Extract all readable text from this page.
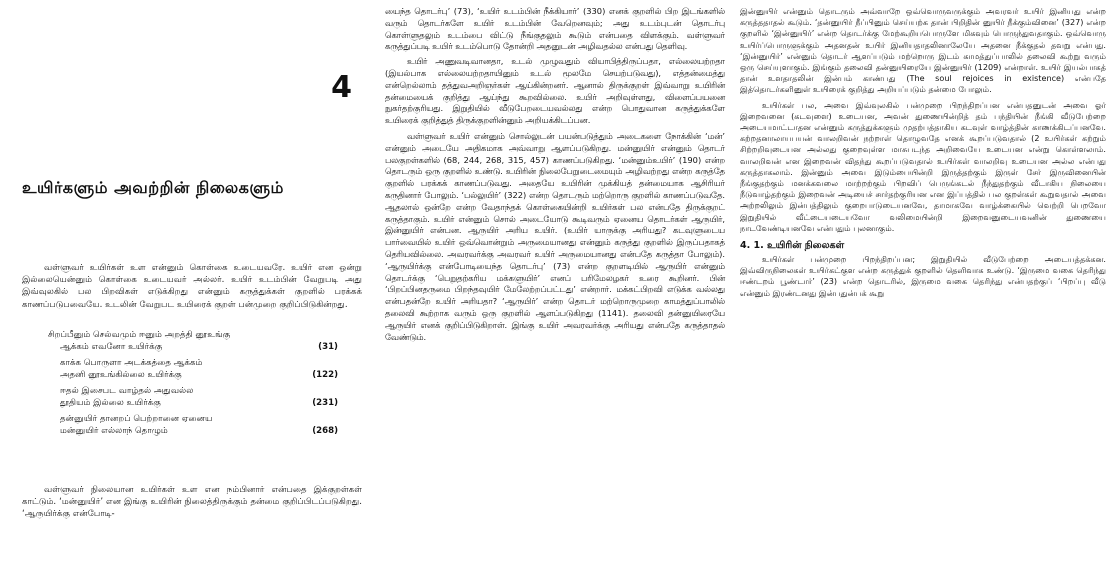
4
உயிர்களும் அவற்றின் நிலைகளும்

வள்ளுவர் உயிர்கள் உள என்னும் கொள்கை உடையவரே. உயிர் என ஒன்று இல்லையென்னும் கொள்கை உடையவர் அல்லர். உயிர் உடம்பின் வேறுபடி அது இவ்வுலகில் பல பிறவிகள் எடுக்கிறது என்னும் கருத்துக்கள் குறளில் பரக்கக் காணப்படுபவையே. உடலின் வேறுபட உயிரைக் குறள் பன்முறை குறிப்பிடுகின்றது.

சிறப்பீனும் செல்வமும் ஈனும் அறத்தி னூஉங்கு
ஆக்கம் எவனோ உயிர்க்கு	(31)
காக்க பொருளா அடக்கத்தை ஆக்கம்
அதனி னூஉங்கில்லை உயிர்க்கு	(122)
ஈதல் இசைபட வாழ்தல் அதுவல்ல
தூதியம் இல்லை உயிர்க்கு	(231)
தன்னுயிர் தானறப் பெற்றானை ஏனைய
மன்னுயிர் எல்லாந் தொழும்	(268)

வள்ளுவர் நிலையான உயிர்கள் உள என நம்பினார் என்பதை இக்குறள்கள் காட்டும். ‘மன்னுயிர்’ என இங்கு உயிரின் நிலைத்திருக்கும் தன்மை குறிப்பிடப்படுகிறது. ‘ஆருயிர்க்கு என்போடி-

யைந்த தொடர்பு’ (73), ‘உயிர் உடம்பின் நீக்கியார்’ (330) எனக் குறளில் பிற இடங்களில் வரும் தொடர்களே உயிர் உடம்பின் வேறெனவும்; அது உடம்புடன் தொடர்பு கொள்ளுதலும் உடம்பை விட்டு நீங்குதலும் கூடும் என்பதை விளக்கும். வள்ளுவர் கருத்துப்படி உயிர் உடம்பொடு தோன்றி அதனுடன் அழிவதல்ல என்பது தெளிவு.

உயிர் அணுவடிவானதா, உடல் முழுவதும் வியாபித்திருப்பதா, எல்லையற்றதா (இயல்பாக எல்லையற்றதாயினும் உடல் மூலமே செயற்படுவது), எத்தன்மைத்து என்றெல்லாம் தத்துவஅறிஞர்கள் ஆய்கின்றனர். ஆனால் திருக்குறள் இவ்வாறு உயிரின் தன்மையைக் குறித்து ஆய்ந்து கூறவில்லை. உயிர் அறிவுள்ளது, விளைப்பயனை நுகர்தற்குரியது. இறுதியில் வீடுபேறடையவல்லது என்ற பொதுவான கருத்துக்களே உயிரைக் குறித்துத் திருக்குறளின்னும் அறியக்கிடப்பன.

வள்ளுவர் உயிர் என்னும் சொல்லுடன் பயன்படுத்தும் அடைகளை நோக்கின் ‘மன்’ என்னும் அடையே அதிகமாக அவ்வாறு ஆளப்படுகிறது. மன்னுயிர் என்னும் தொடர் பலகுறள்களில் (68, 244, 268, 315, 457) காணப்படுகிறது. ‘மன்னும்உயிர்’ (190) என்ற தொடரும் ஒரு குறளில் உண்டு. உயிரின் நிலைபேறுடைமையும் அழிவற்றது என்ற கருத்தே குறளில் பரக்கக் காணப்படுவது. அதையே உயிரின் முக்கியத் தன்மையாக ஆசிரியர் கருதினார் போலும். ‘பல்லுயிர்’ (322) என்ற தொடரும் மற்றொரு குறளில் காணப்படுவதே. ஆதலால் ஒன்றே என்ற வேதாந்தக் கொள்கையின்றி உயிர்கள் பல என்பதே திருக்குறட் கருத்தாகும். உயிர் என்னும் சொல் அடையோடு கூடிவரும் ஏனைய தொடர்கள் ஆருயிர், இன்னுயிர் என்பன. ஆருயிர் அரிய உயிர். (உயிர் யாருக்கு அரியது? கடவுளுடைய பார்வையில் உயிர் ஒவ்வொன்றும் அருமையானது என்னும் கருத்து குறளில் இருப்பதாகத் தெரியவில்லை. அவரவர்க்கு அவரவர் உயிர் அருமையானது என்பதே கருத்தா போலும்). ‘ஆருயிர்க்கு என்போடியைந்த தொடர்பு’ (73) என்ற குறளடியில் ஆருயிர் என்னும் தொடர்க்கு ‘பெறுதற்கரிய மக்களுயிர்’ எனப் பரிமேலழகர் உரை கூறினர். பின் ‘பிறப்பினதருமை பிறந்தவுயிர் மேலேற்றப்பட்டது’ என்றார். மக்கட்பிறவி எடுக்க வல்லது என்பதன்றே உயிர் அரியதா? ‘ஆருயிர்’ என்ற தொடர் மற்றொருமுறை காமத்துப்பாலில் தலைவி கூற்றாக வரும் ஒரு குறளில் ஆளப்படுகிறது (1141). தலைவி தன்னுயிரையே ஆருயிர் எனக் குறிப்பிடுகிறாள். இங்கு உயிர் அவரவர்க்கு அரியது என்பதே கருத்தாதல் வேண்டும்.

இன்னுயிர் என்னும் தொடரும் அவ்வாறே ஒவ்வொருவருக்கும் அவரவர் உயிர் இனியது என்ற கருத்ததாதல் கூடும். ‘தன்னுயிர் நீப்பினும் செய்யற்க தான் பிறிதின் னுயிர் நீக்கும்வினை’ (327) என்ற குறளில் ‘இன்னுயிர்’ என்ற தொடர்க்கு மேற்கூறியபொருளே மிகவும் பொருந்துவதாகும். ஒவ்வொரு உயிர்ப்பொருளுக்கும் அதனதன் உயிர் இனியதாதலினாலேயே அதனை நீக்குதல் தவறு என்பது. ‘இன்னுயிர்’ என்னும் தொடர் ஆளப்படும் மற்றொரு இடம் காமத்துப்பாலில் தலைவி கூற்று வரும் ஒரு செய்யுளாகும். இங்கும் தலைவி தன்னுயிரையே இன்னுயிர் (1209) என்றாள். உயிர் இயல்பாகத் தான் உளதாதலின் இன்பம் காண்பது (The soul rejoices in existence) என்பதே இத்தொடர்களினுள் உயிரைக் குறித்து அறியப்படும் தன்மை போலும்.

உயிர்கள் பல, அவை இவ்வுலகில் பன்முறை பிறந்திறப்பன என்பதனுடன் அவை ஓர் இறைவனை (கடவுளை) உடையன, அவன் துணையின்றித் தம் பந்தியின் நீங்கி வீடுபேற்றை அடையமாட்டாதன என்னும் கருத்துக்களும் முதற்பத்தாகிய கடவுள் வாழ்த்தின் காணக்கிடப்பனவே. கற்றதனாலாயபயன் வாலறிவன் நற்றாள் தொழுவதே எனக் கூறப்படுவதால் (2 உயிர்கள் கற்றும் சிற்றறிவுடையன அல்லது குறைவுள்ள மாசுபடந்த அறிவையே உடையன என்று கொள்ளலாம். வாலறிவன் என இறைவன் விதந்து கூறப்படுவதால் உயிர்கள் வாலறிவு உடையன அல்ல என்பது கருத்தாகலாம். இன்னும் அவை இடும்பையின்றி இருத்தற்கும் இருள் சேர் இருவினையின் நீங்குதற்கும் மனக்கவலை மாற்றற்கும் பிறவிப் பெருங்கடல் நீந்துதற்கும் வீடாகிய நிலையை நீடுவாழ்தற்கும் இறைவன் அடியைச் சார்தற்குரியன என இப்பத்தில் பல குறள்கள் கூறுவதால் அவை அற்றலிலும் இன்பத்திலும் குறைபாடுடையனவே, தாமாகவே வாழ்க்கையில் வெற்றி பெறவோ இறுதியில் வீட்டையடையவோ வலிமையின்றி இறைவனுடையவனின் துணையை நாடவேண்டியனவே என்பதும் புலனாகும்.

4. 1. உயிரின் நிலைகள்

உயிர்கள் பன்முறை பிறந்திறப்பன; இறுதியில் வீடுபேற்றை அடையத்தக்கன. இவ்விருநிலைகள் உயிர்கட்குள என்ற கருத்துக் குறளில் தெளிவாக உண்டு. ‘இருமை வகை தெரிந்து ஈண்டறம் பூண்டார்’ (23) என்ற தொடரில், இருமை வகை தெரிந்து என்பதற்குப் ‘பிறப்பு வீடு என்னும் இரண்டனது இன்பதுன்பக் கூறு
